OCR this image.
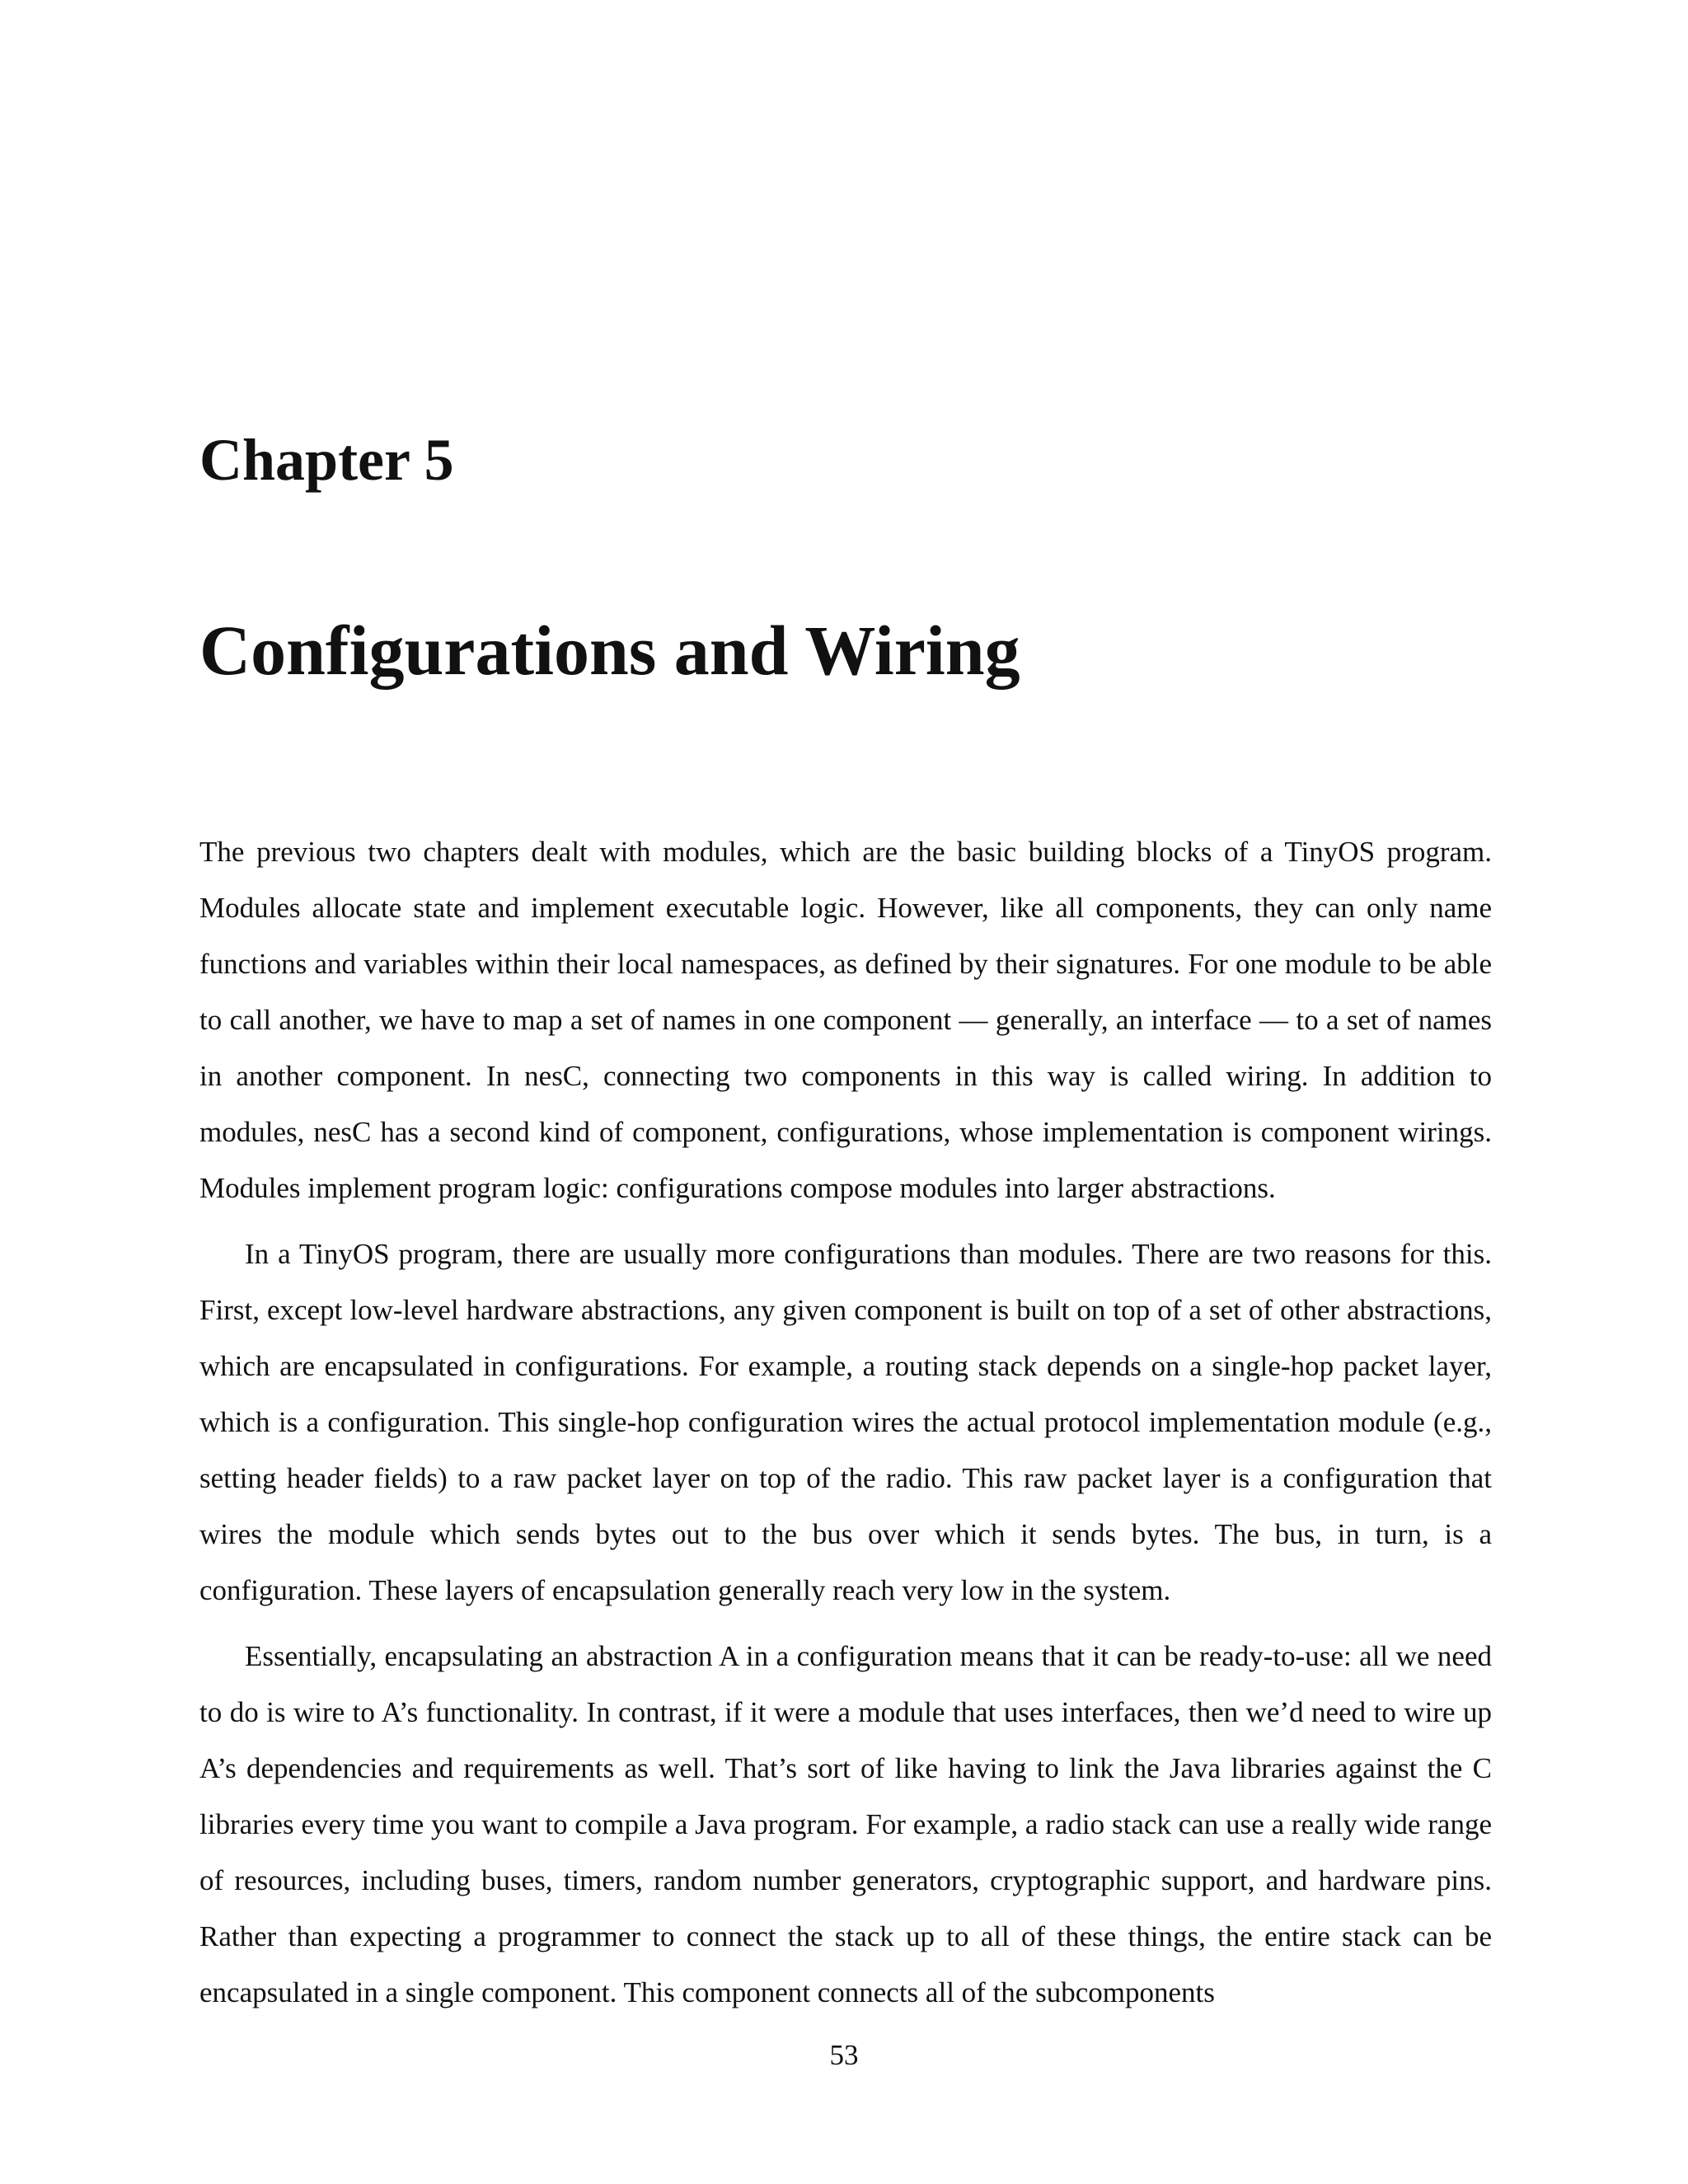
Chapter 5
Configurations and Wiring

The previous two chapters dealt with modules, which are the basic building blocks of a TinyOS program. Modules allocate state and implement executable logic. However, like all components, they can only name functions and variables within their local namespaces, as defined by their signatures. For one module to be able to call another, we have to map a set of names in one component — generally, an interface — to a set of names in another component. In nesC, connecting two components in this way is called wiring. In addition to modules, nesC has a second kind of component, configurations, whose implementation is component wirings. Modules implement program logic: configurations compose modules into larger abstractions.

In a TinyOS program, there are usually more configurations than modules. There are two reasons for this. First, except low-level hardware abstractions, any given component is built on top of a set of other abstractions, which are encapsulated in configurations. For example, a routing stack depends on a single-hop packet layer, which is a configuration. This single-hop configuration wires the actual protocol implementation module (e.g., setting header fields) to a raw packet layer on top of the radio. This raw packet layer is a configuration that wires the module which sends bytes out to the bus over which it sends bytes. The bus, in turn, is a configuration. These layers of encapsulation generally reach very low in the system.

Essentially, encapsulating an abstraction A in a configuration means that it can be ready-to-use: all we need to do is wire to A’s functionality. In contrast, if it were a module that uses interfaces, then we’d need to wire up A’s dependencies and requirements as well. That’s sort of like having to link the Java libraries against the C libraries every time you want to compile a Java program. For example, a radio stack can use a really wide range of resources, including buses, timers, random number generators, cryptographic support, and hardware pins. Rather than expecting a programmer to connect the stack up to all of these things, the entire stack can be encapsulated in a single component. This component connects all of the subcomponents

53
